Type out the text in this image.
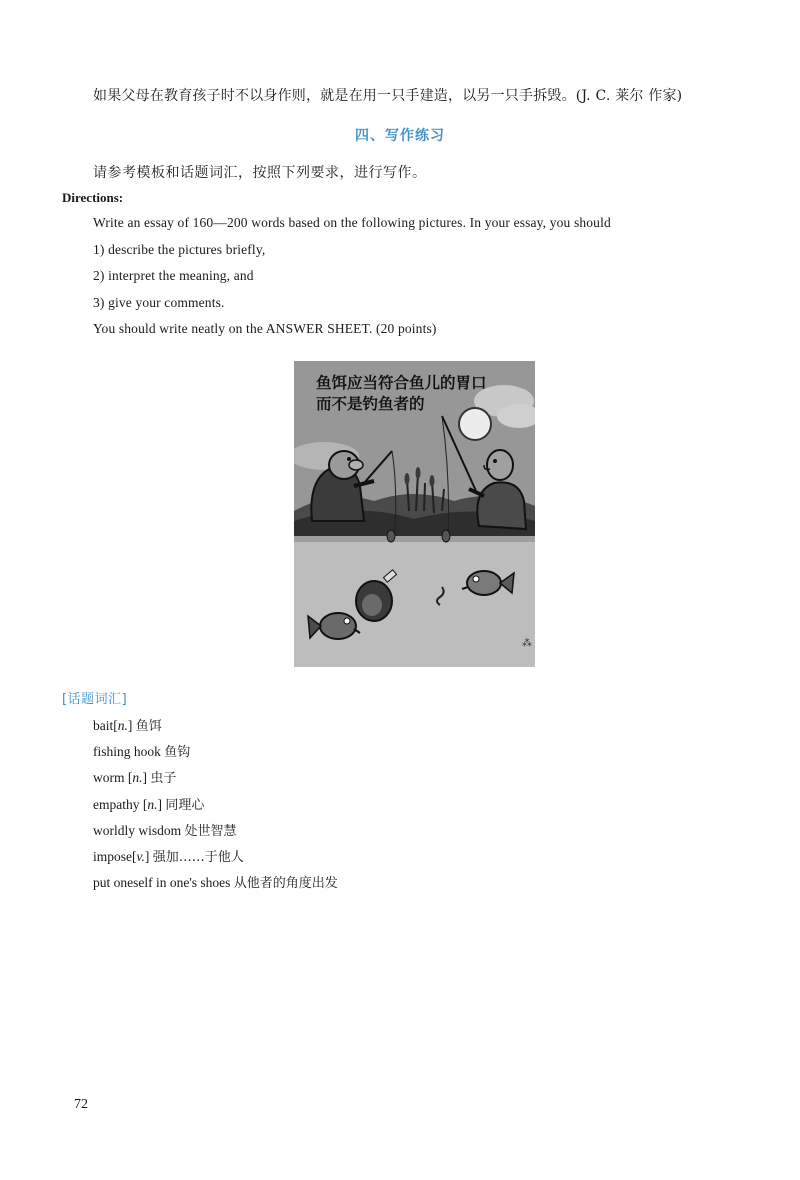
如果父母在教育孩子时不以身作则，就是在用一只手建造，以另一只手拆毁。(J. C. 莱尔 作家)
四、写作练习
请参考模板和话题词汇，按照下列要求，进行写作。
Directions:
Write an essay of 160—200 words based on the following pictures. In your essay, you should
1) describe the pictures briefly,
2) interpret the meaning, and
3) give your comments.
You should write neatly on the ANSWER SHEET. (20 points)
鱼饵应当符合鱼儿的胃口
而不是钓鱼者的
⁂
[话题词汇]
bait[n.] 鱼饵
fishing hook 鱼钩
worm [n.] 虫子
empathy [n.] 同理心
worldly wisdom 处世智慧
impose[v.] 强加……于他人
put oneself in one's shoes 从他者的角度出发
72
